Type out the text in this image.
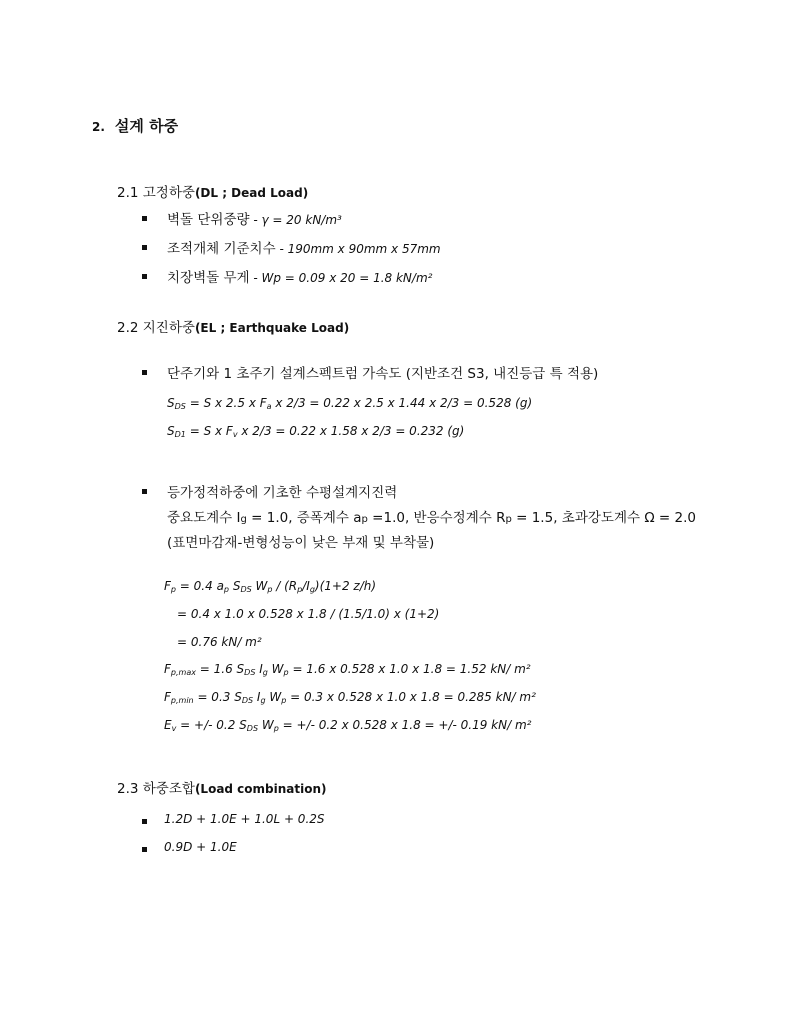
2. 설계 하중
2.1 고정하중(DL ; Dead Load)
벽돌 단위중량 - γ = 20 kN/m³
조적개체 기준치수 - 190mm x 90mm x 57mm
치장벽돌 무게 - Wp = 0.09 x 20 = 1.8 kN/m²
2.2 지진하중(EL ; Earthquake Load)
단주기와 1 초주기 설계스펙트럼 가속도 (지반조건 S3, 내진등급 특 적용)
$S_{DS} = S$ x 2.5 x $F_a$ x 2/3 = 0.22 x 2.5 x 1.44 x 2/3 = 0.528 (g)
$S_{D1} = S$ x $F_v$ x 2/3 = 0.22 x 1.58 x 2/3 = 0.232 (g)
등가정적하중에 기초한 수평설계지진력
중요도계수 Ig = 1.0, 증폭계수 ap =1.0, 반응수정계수 Rp = 1.5, 초과강도계수 Ω = 2.0
(표면마감재-변형성능이 낮은 부재 및 부착물)
$F_p = 0.4$ $a_p$ $S_{DS}$ $W_p / (R_p/I_g)(1+2$ z/h)
= 0.4 x 1.0 x 0.528 x 1.8 / (1.5/1.0) x (1+2)
= 0.76 kN/ m²
$F_{p,max} = 1.6$ $S_{DS}$ $I_g$ $W_p = 1.6$ x 0.528 x 1.0 x 1.8 = 1.52 kN/ m²
$F_{p,min} = 0.3$ $S_{DS}$ $I_g$ $W_p = 0.3$ x 0.528 x 1.0 x 1.8 = 0.285 kN/ m²
$E_v$ = +/- 0.2 $S_{DS}$ $W_p$ = +/- 0.2 x 0.528 x 1.8 = +/- 0.19 kN/ m²
2.3 하중조합(Load combination)
1.2D + 1.0E + 1.0L + 0.2S
0.9D + 1.0E
